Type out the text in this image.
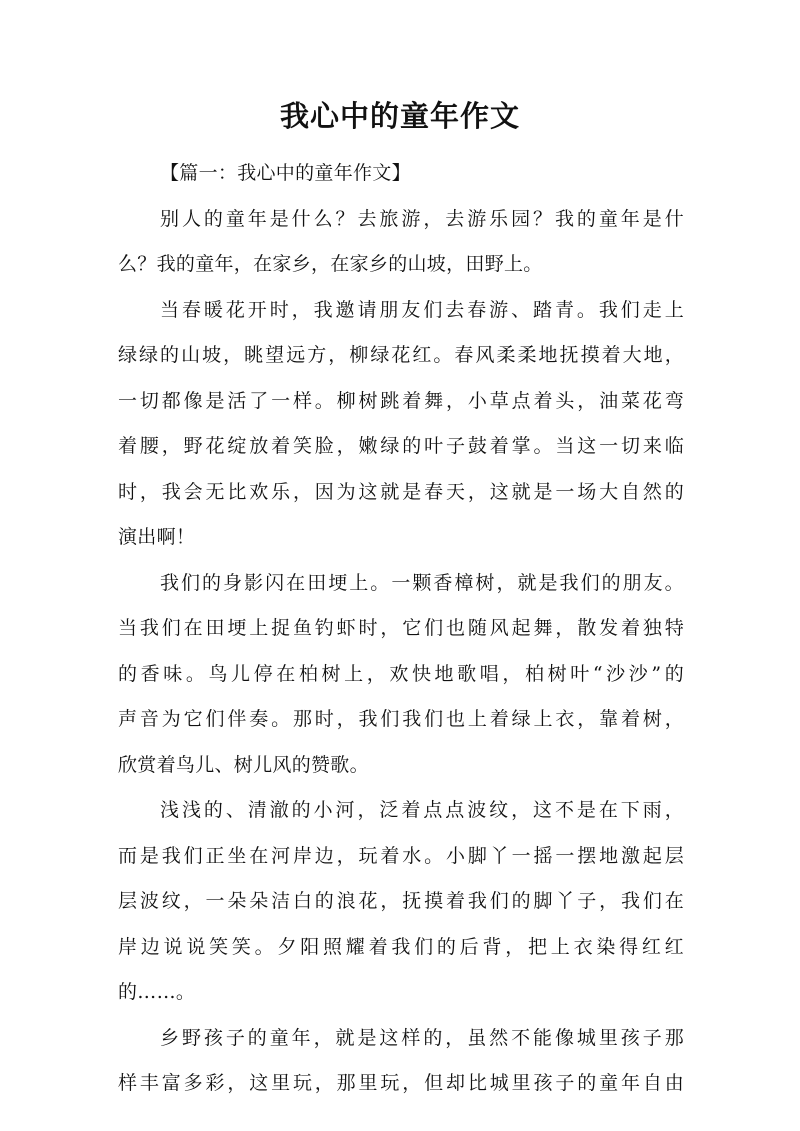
我心中的童年作文
【篇一：我心中的童年作文】
别人的童年是什么？去旅游，去游乐园？我的童年是什
么？我的童年，在家乡，在家乡的山坡，田野上。
当春暖花开时，我邀请朋友们去春游、踏青。我们走上
绿绿的山坡，眺望远方，柳绿花红。春风柔柔地抚摸着大地，
一切都像是活了一样。柳树跳着舞，小草点着头，油菜花弯
着腰，野花绽放着笑脸，嫩绿的叶子鼓着掌。当这一切来临
时，我会无比欢乐，因为这就是春天，这就是一场大自然的
演出啊！
我们的身影闪在田埂上。一颗香樟树，就是我们的朋友。
当我们在田埂上捉鱼钓虾时，它们也随风起舞，散发着独特
的香味。鸟儿停在柏树上，欢快地歌唱，柏树叶“沙沙”的
声音为它们伴奏。那时，我们我们也上着绿上衣，靠着树，
欣赏着鸟儿、树儿风的赞歌。
浅浅的、清澈的小河，泛着点点波纹，这不是在下雨，
而是我们正坐在河岸边，玩着水。小脚丫一摇一摆地激起层
层波纹，一朵朵洁白的浪花，抚摸着我们的脚丫子，我们在
岸边说说笑笑。夕阳照耀着我们的后背，把上衣染得红红
的……。
乡野孩子的童年，就是这样的，虽然不能像城里孩子那
样丰富多彩，这里玩，那里玩，但却比城里孩子的童年自由
